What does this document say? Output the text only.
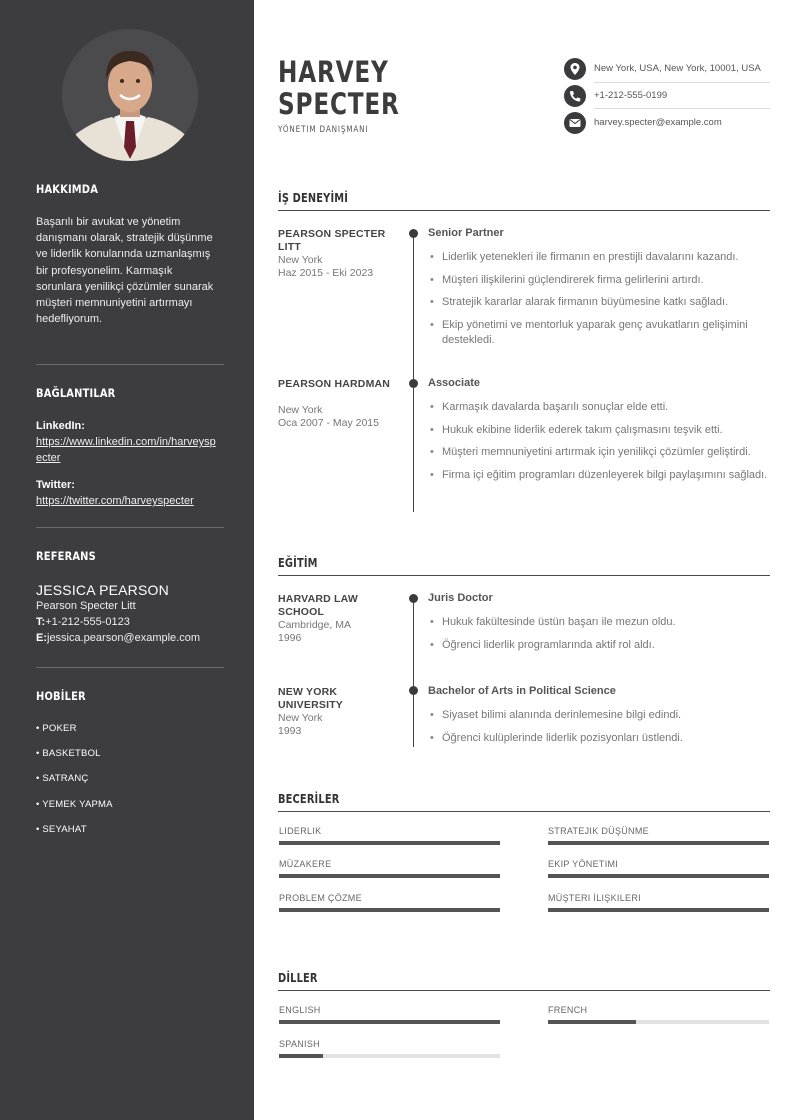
HAKKIMDA
Başarılı bir avukat ve yönetim danışmanı olarak, stratejik düşünme ve liderlik konularında uzmanlaşmış bir profesyonelim. Karmaşık sorunlara yenilikçi çözümler sunarak müşteri memnuniyetini artırmayı hedefliyorum.
BAĞLANTILAR
LinkedIn:
https://www.linkedin.com/in/harveyspecter
Twitter:
https://twitter.com/harveyspecter
REFERANS
JESSICA PEARSON
Pearson Specter Litt
T:+1-212-555-0123
E:jessica.pearson@example.com
HOBİLER
• POKER
• BASKETBOL
• SATRANÇ
• YEMEK YAPMA
• SEYAHAT
HARVEY
SPECTER
YÖNETIM DANIŞMANI
New York, USA, New York, 10001, USA
+1-212-555-0199
harvey.specter@example.com
İŞ DENEYİMİ
PEARSON SPECTER LITT
New York
Haz 2015 - Eki 2023
Senior Partner
• Liderlik yetenekleri ile firmanın en prestijli davalarını kazandı.
• Müşteri ilişkilerini güçlendirerek firma gelirlerini artırdı.
• Stratejik kararlar alarak firmanın büyümesine katkı sağladı.
• Ekip yönetimi ve mentorluk yaparak genç avukatların gelişimini destekledi.
PEARSON HARDMAN
New York
Oca 2007 - May 2015
Associate
• Karmaşık davalarda başarılı sonuçlar elde etti.
• Hukuk ekibine liderlik ederek takım çalışmasını teşvik etti.
• Müşteri memnuniyetini artırmak için yenilikçi çözümler geliştirdi.
• Firma içi eğitim programları düzenleyerek bilgi paylaşımını sağladı.
EĞİTİM
HARVARD LAW SCHOOL
Cambridge, MA
1996
Juris Doctor
• Hukuk fakültesinde üstün başarı ile mezun oldu.
• Öğrenci liderlik programlarında aktif rol aldı.
NEW YORK UNIVERSITY
New York
1993
Bachelor of Arts in Political Science
• Siyaset bilimi alanında derinlemesine bilgi edindi.
• Öğrenci kulüplerinde liderlik pozisyonları üstlendi.
BECERİLER
LIDERLIK	STRATEJIK DÜŞÜNME
MÜZAKERE	EKIP YÖNETIMI
PROBLEM ÇÖZME	MÜŞTERI İLIŞKILERI
DİLLER
ENGLISH	FRENCH
SPANISH
